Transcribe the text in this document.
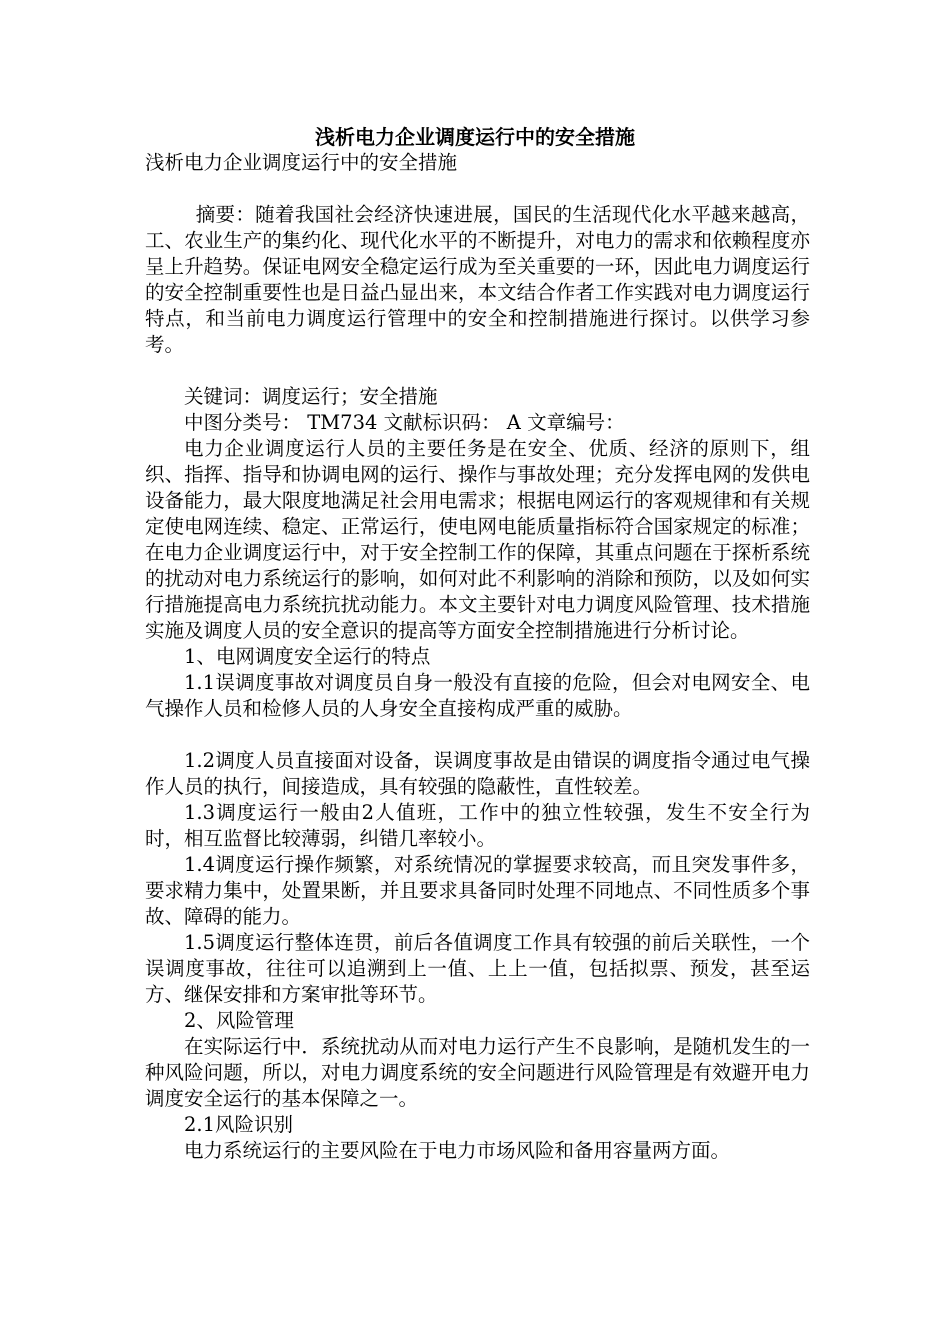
浅析电力企业调度运行中的安全措施

浅析电力企业调度运行中的安全措施

摘要：随着我国社会经济快速进展，国民的生活现代化水平越来越高，工、农业生产的集约化、现代化水平的不断提升，对电力的需求和依赖程度亦呈上升趋势。保证电网安全稳定运行成为至关重要的一环，因此电力调度运行的安全控制重要性也是日益凸显出来，本文结合作者工作实践对电力调度运行特点，和当前电力调度运行管理中的安全和控制措施进行探讨。以供学习参考。

关键词：调度运行；安全措施

中图分类号： TM734 文献标识码： A 文章编号：

电力企业调度运行人员的主要任务是在安全、优质、经济的原则下，组织、指挥、指导和协调电网的运行、操作与事故处理；充分发挥电网的发供电设备能力，最大限度地满足社会用电需求；根据电网运行的客观规律和有关规定使电网连续、稳定、正常运行，使电网电能质量指标符合国家规定的标准；在电力企业调度运行中，对于安全控制工作的保障，其重点问题在于探析系统的扰动对电力系统运行的影响，如何对此不利影响的消除和预防，以及如何实行措施提高电力系统抗扰动能力。本文主要针对电力调度风险管理、技术措施实施及调度人员的安全意识的提高等方面安全控制措施进行分析讨论。

1、电网调度安全运行的特点

1.1误调度事故对调度员自身一般没有直接的危险，但会对电网安全、电气操作人员和检修人员的人身安全直接构成严重的威胁。

1.2调度人员直接面对设备，误调度事故是由错误的调度指令通过电气操作人员的执行，间接造成，具有较强的隐蔽性，直性较差。

1.3调度运行一般由2人值班，工作中的独立性较强，发生不安全行为时，相互监督比较薄弱，纠错几率较小。

1.4调度运行操作频繁，对系统情况的掌握要求较高，而且突发事件多，要求精力集中，处置果断，并且要求具备同时处理不同地点、不同性质多个事故、障碍的能力。

1.5调度运行整体连贯，前后各值调度工作具有较强的前后关联性，一个误调度事故，往往可以追溯到上一值、上上一值，包括拟票、预发，甚至运方、继保安排和方案审批等环节。

2、风险管理

在实际运行中．系统扰动从而对电力运行产生不良影响，是随机发生的一种风险问题，所以，对电力调度系统的安全问题进行风险管理是有效避开电力调度安全运行的基本保障之一。

2.1风险识别

电力系统运行的主要风险在于电力市场风险和备用容量两方面。
